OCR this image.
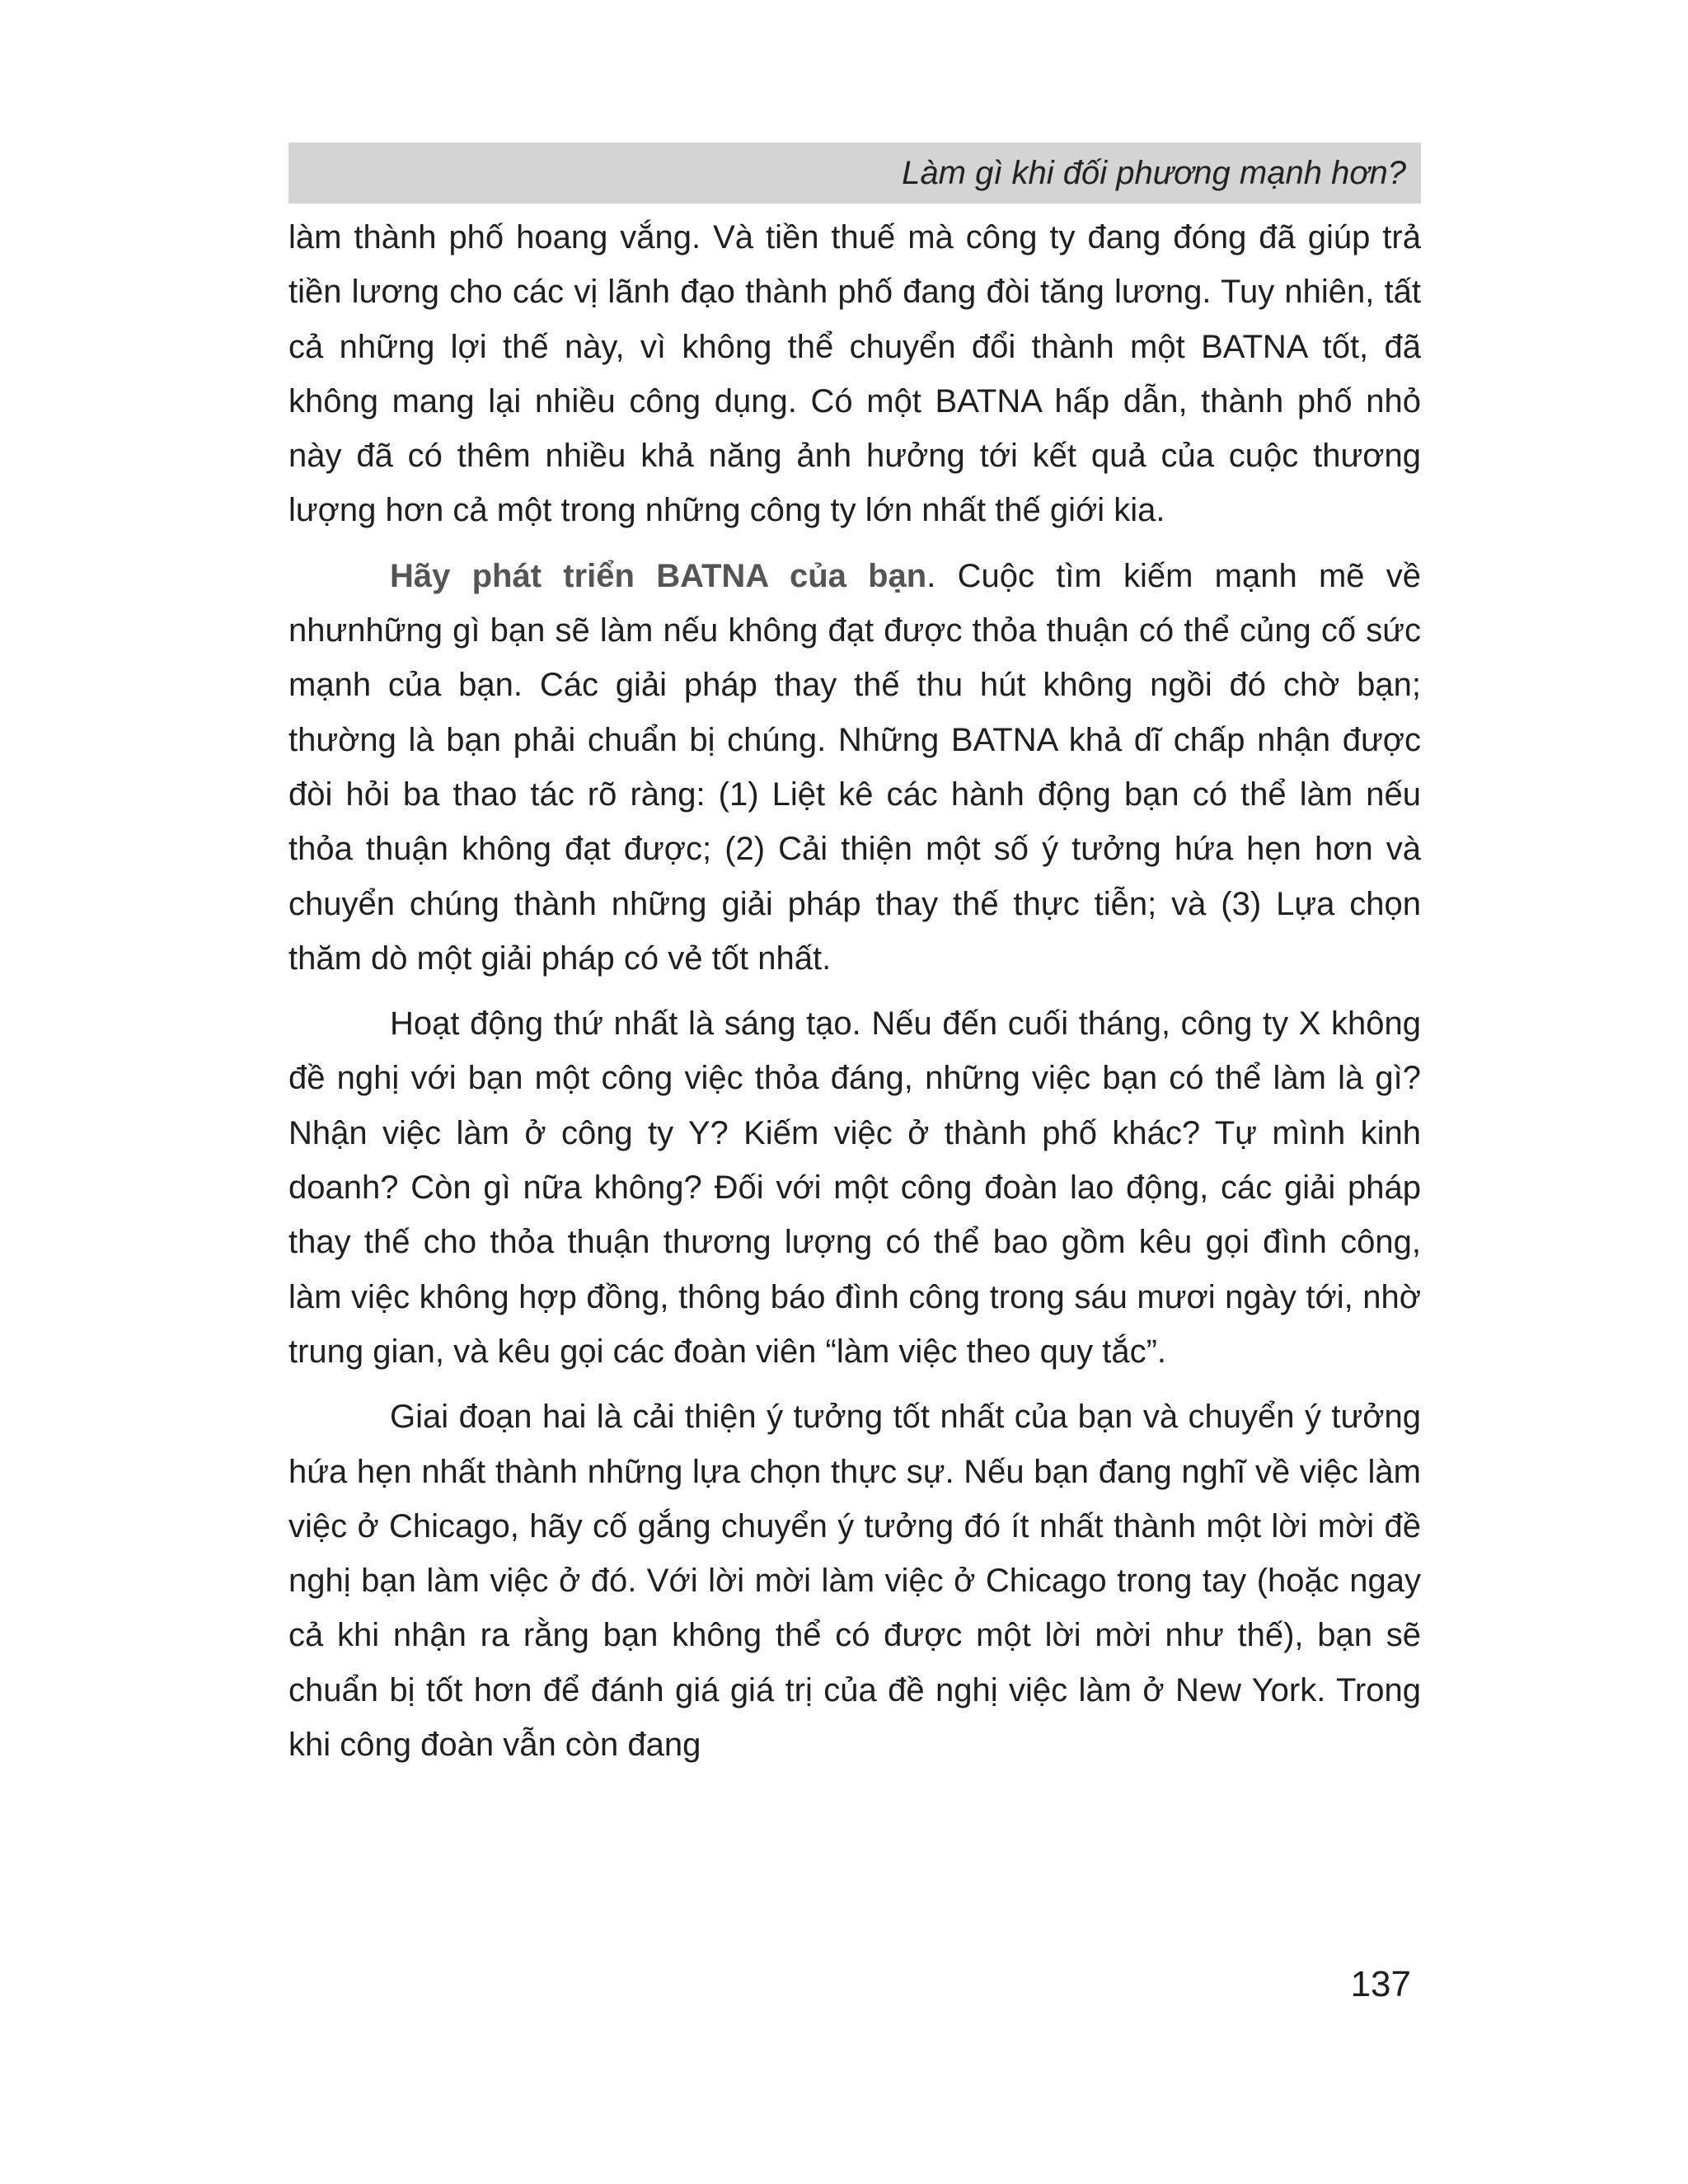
Làm gì khi đối phương mạnh hơn?

làm thành phố hoang vắng. Và tiền thuế mà công ty đang đóng đã giúp trả tiền lương cho các vị lãnh đạo thành phố đang đòi tăng lương. Tuy nhiên, tất cả những lợi thế này, vì không thể chuyển đổi thành một BATNA tốt, đã không mang lại nhiều công dụng. Có một BATNA hấp dẫn, thành phố nhỏ này đã có thêm nhiều khả năng ảnh hưởng tới kết quả của cuộc thương lượng hơn cả một trong những công ty lớn nhất thế giới kia.

Hãy phát triển BATNA của bạn. Cuộc tìm kiếm mạnh mẽ về nhưnhững gì bạn sẽ làm nếu không đạt được thỏa thuận có thể củng cố sức mạnh của bạn. Các giải pháp thay thế thu hút không ngồi đó chờ bạn; thường là bạn phải chuẩn bị chúng. Những BATNA khả dĩ chấp nhận được đòi hỏi ba thao tác rõ ràng: (1) Liệt kê các hành động bạn có thể làm nếu thỏa thuận không đạt được; (2) Cải thiện một số ý tưởng hứa hẹn hơn và chuyển chúng thành những giải pháp thay thế thực tiễn; và (3) Lựa chọn thăm dò một giải pháp có vẻ tốt nhất.

Hoạt động thứ nhất là sáng tạo. Nếu đến cuối tháng, công ty X không đề nghị với bạn một công việc thỏa đáng, những việc bạn có thể làm là gì? Nhận việc làm ở công ty Y? Kiếm việc ở thành phố khác? Tự mình kinh doanh? Còn gì nữa không? Đối với một công đoàn lao động, các giải pháp thay thế cho thỏa thuận thương lượng có thể bao gồm kêu gọi đình công, làm việc không hợp đồng, thông báo đình công trong sáu mươi ngày tới, nhờ trung gian, và kêu gọi các đoàn viên “làm việc theo quy tắc”.

Giai đoạn hai là cải thiện ý tưởng tốt nhất của bạn và chuyển ý tưởng hứa hẹn nhất thành những lựa chọn thực sự. Nếu bạn đang nghĩ về việc làm việc ở Chicago, hãy cố gắng chuyển ý tưởng đó ít nhất thành một lời mời đề nghị bạn làm việc ở đó. Với lời mời làm việc ở Chicago trong tay (hoặc ngay cả khi nhận ra rằng bạn không thể có được một lời mời như thế), bạn sẽ chuẩn bị tốt hơn để đánh giá giá trị của đề nghị việc làm ở New York. Trong khi công đoàn vẫn còn đang

137
